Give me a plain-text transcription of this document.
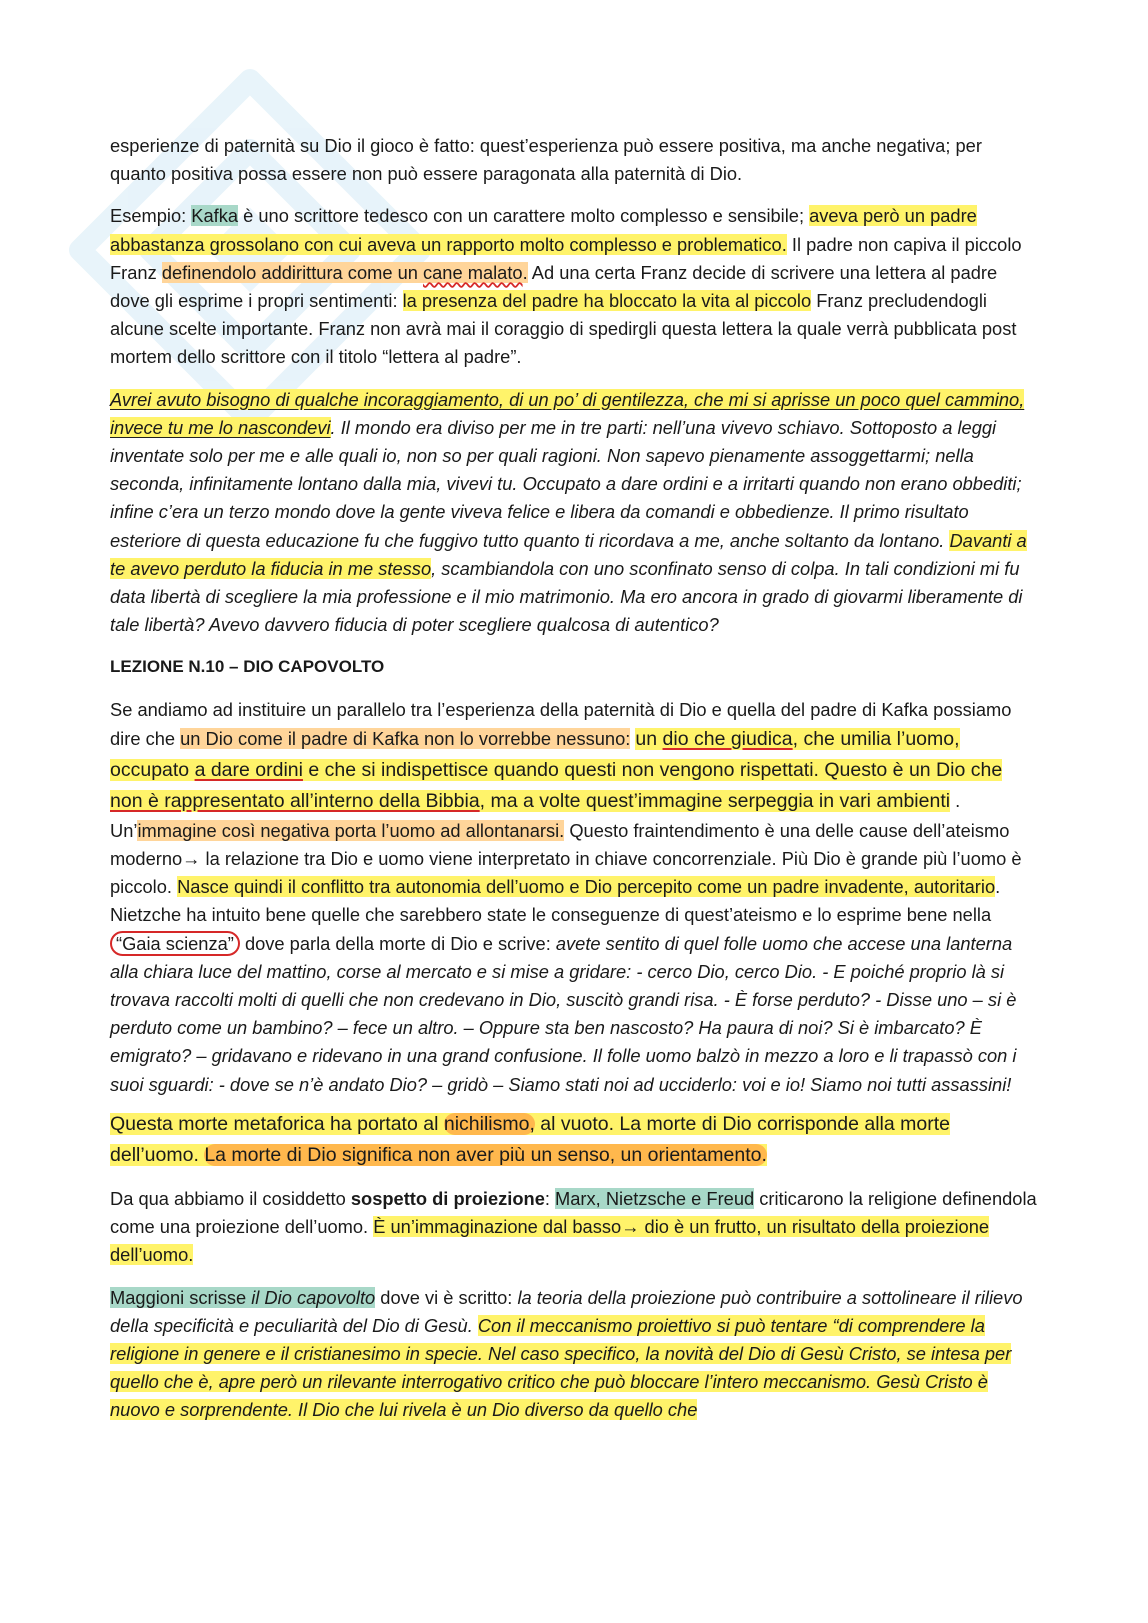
esperienze di paternità su Dio il gioco è fatto: quest’esperienza può essere positiva, ma anche negativa; per quanto positiva possa essere non può essere paragonata alla paternità di Dio.

Esempio: Kafka è uno scrittore tedesco con un carattere molto complesso e sensibile; aveva però un padre abbastanza grossolano con cui aveva un rapporto molto complesso e problematico. Il padre non capiva il piccolo Franz definendolo addirittura come un cane malato. Ad una certa Franz decide di scrivere una lettera al padre dove gli esprime i propri sentimenti: la presenza del padre ha bloccato la vita al piccolo Franz precludendogli alcune scelte importante. Franz non avrà mai il coraggio di spedirgli questa lettera la quale verrà pubblicata post mortem dello scrittore con il titolo “lettera al padre”.

Avrei avuto bisogno di qualche incoraggiamento, di un po’ di gentilezza, che mi si aprisse un poco quel cammino, invece tu me lo nascondevi. Il mondo era diviso per me in tre parti: nell’una vivevo schiavo. Sottoposto a leggi inventate solo per me e alle quali io, non so per quali ragioni. Non sapevo pienamente assoggettarmi; nella seconda, infinitamente lontano dalla mia, vivevi tu. Occupato a dare ordini e a irritarti quando non erano obbediti; infine c’era un terzo mondo dove la gente viveva felice e libera da comandi e obbedienze. Il primo risultato esteriore di questa educazione fu che fuggivo tutto quanto ti ricordava a me, anche soltanto da lontano. Davanti a te avevo perduto la fiducia in me stesso, scambiandola con uno sconfinato senso di colpa. In tali condizioni mi fu data libertà di scegliere la mia professione e il mio matrimonio. Ma ero ancora in grado di giovarmi liberamente di tale libertà? Avevo davvero fiducia di poter scegliere qualcosa di autentico?

LEZIONE N.10 – DIO CAPOVOLTO

Se andiamo ad instituire un parallelo tra l’esperienza della paternità di Dio e quella del padre di Kafka possiamo dire che un Dio come il padre di Kafka non lo vorrebbe nessuno: un dio che giudica, che umilia l’uomo, occupato a dare ordini e che si indispettisce quando questi non vengono rispettati. Questo è un Dio che non è rappresentato all’interno della Bibbia, ma a volte quest’immagine serpeggia in vari ambienti .
Un’immagine così negativa porta l’uomo ad allontanarsi. Questo fraintendimento è una delle cause dell’ateismo moderno→ la relazione tra Dio e uomo viene interpretato in chiave concorrenziale. Più Dio è grande più l’uomo è piccolo. Nasce quindi il conflitto tra autonomia dell’uomo e Dio percepito come un padre invadente, autoritario. Nietzche ha intuito bene quelle che sarebbero state le conseguenze di quest’ateismo e lo esprime bene nella “Gaia scienza” dove parla della morte di Dio e scrive: avete sentito di quel folle uomo che accese una lanterna alla chiara luce del mattino, corse al mercato e si mise a gridare: - cerco Dio, cerco Dio. - E poiché proprio là si trovava raccolti molti di quelli che non credevano in Dio, suscitò grandi risa. - È forse perduto? - Disse uno – si è perduto come un bambino? – fece un altro. – Oppure sta ben nascosto? Ha paura di noi? Si è imbarcato? È emigrato? – gridavano e ridevano in una grand confusione. Il folle uomo balzò in mezzo a loro e li trapassò con i suoi sguardi: - dove se n’è andato Dio? – gridò – Siamo stati noi ad ucciderlo: voi e io! Siamo noi tutti assassini!

Questa morte metaforica ha portato al nichilismo, al vuoto. La morte di Dio corrisponde alla morte dell’uomo. La morte di Dio significa non aver più un senso, un orientamento.

Da qua abbiamo il cosiddetto sospetto di proiezione: Marx, Nietzsche e Freud criticarono la religione definendola come una proiezione dell’uomo. È un’immaginazione dal basso→ dio è un frutto, un risultato della proiezione dell’uomo.

Maggioni scrisse il Dio capovolto dove vi è scritto: la teoria della proiezione può contribuire a sottolineare il rilievo della specificità e peculiarità del Dio di Gesù. Con il meccanismo proiettivo si può tentare “di comprendere la religione in genere e il cristianesimo in specie. Nel caso specifico, la novità del Dio di Gesù Cristo, se intesa per quello che è, apre però un rilevante interrogativo critico che può bloccare l’intero meccanismo. Gesù Cristo è nuovo e sorprendente. Il Dio che lui rivela è un Dio diverso da quello che
